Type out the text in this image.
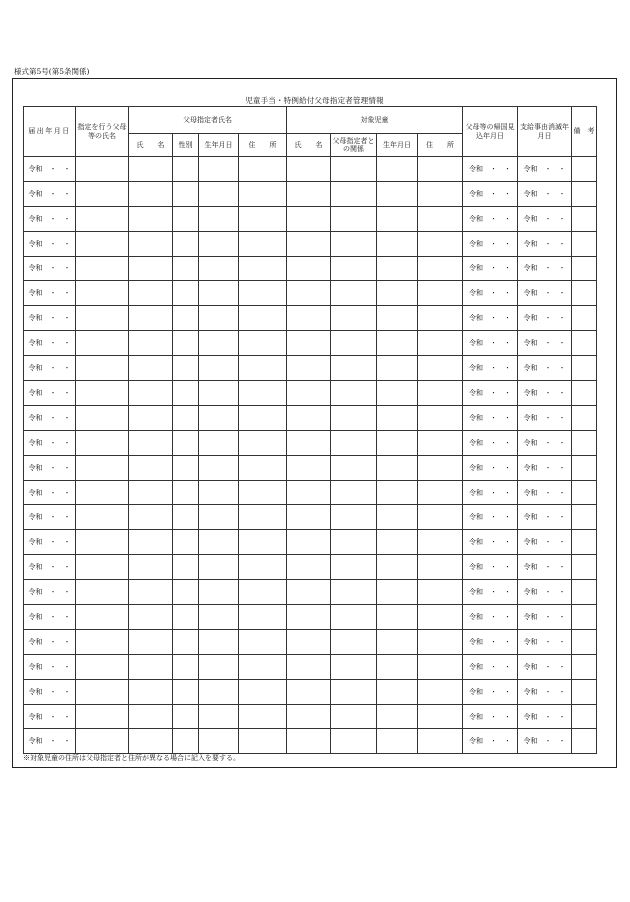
様式第5号(第5条関係)
児童手当・特例給付父母指定者管理情報
届出年月日	指定を行う父母等の氏名	父母指定者氏名				対象児童				父母等の帰国見込年月日	支給事由消滅年月日	備　考
		氏　　名	性別	生年月日	住　　所	氏　　名	父母指定者との関係	生年月日	住　　所			
令和　・　・										令和　・　・	令和　・　・	
令和　・　・										令和　・　・	令和　・　・	
令和　・　・										令和　・　・	令和　・　・	
令和　・　・										令和　・　・	令和　・　・	
令和　・　・										令和　・　・	令和　・　・	
令和　・　・										令和　・　・	令和　・　・	
令和　・　・										令和　・　・	令和　・　・	
令和　・　・										令和　・　・	令和　・　・	
令和　・　・										令和　・　・	令和　・　・	
令和　・　・										令和　・　・	令和　・　・	
令和　・　・										令和　・　・	令和　・　・	
令和　・　・										令和　・　・	令和　・　・	
令和　・　・										令和　・　・	令和　・　・	
令和　・　・										令和　・　・	令和　・　・	
令和　・　・										令和　・　・	令和　・　・	
令和　・　・										令和　・　・	令和　・　・	
令和　・　・										令和　・　・	令和　・　・	
令和　・　・										令和　・　・	令和　・　・	
令和　・　・										令和　・　・	令和　・　・	
令和　・　・										令和　・　・	令和　・　・	
令和　・　・										令和　・　・	令和　・　・	
令和　・　・										令和　・　・	令和　・　・	
令和　・　・										令和　・　・	令和　・　・	
令和　・　・										令和　・　・	令和　・　・	
※対象児童の住所は父母指定者と住所が異なる場合に記入を要する。
